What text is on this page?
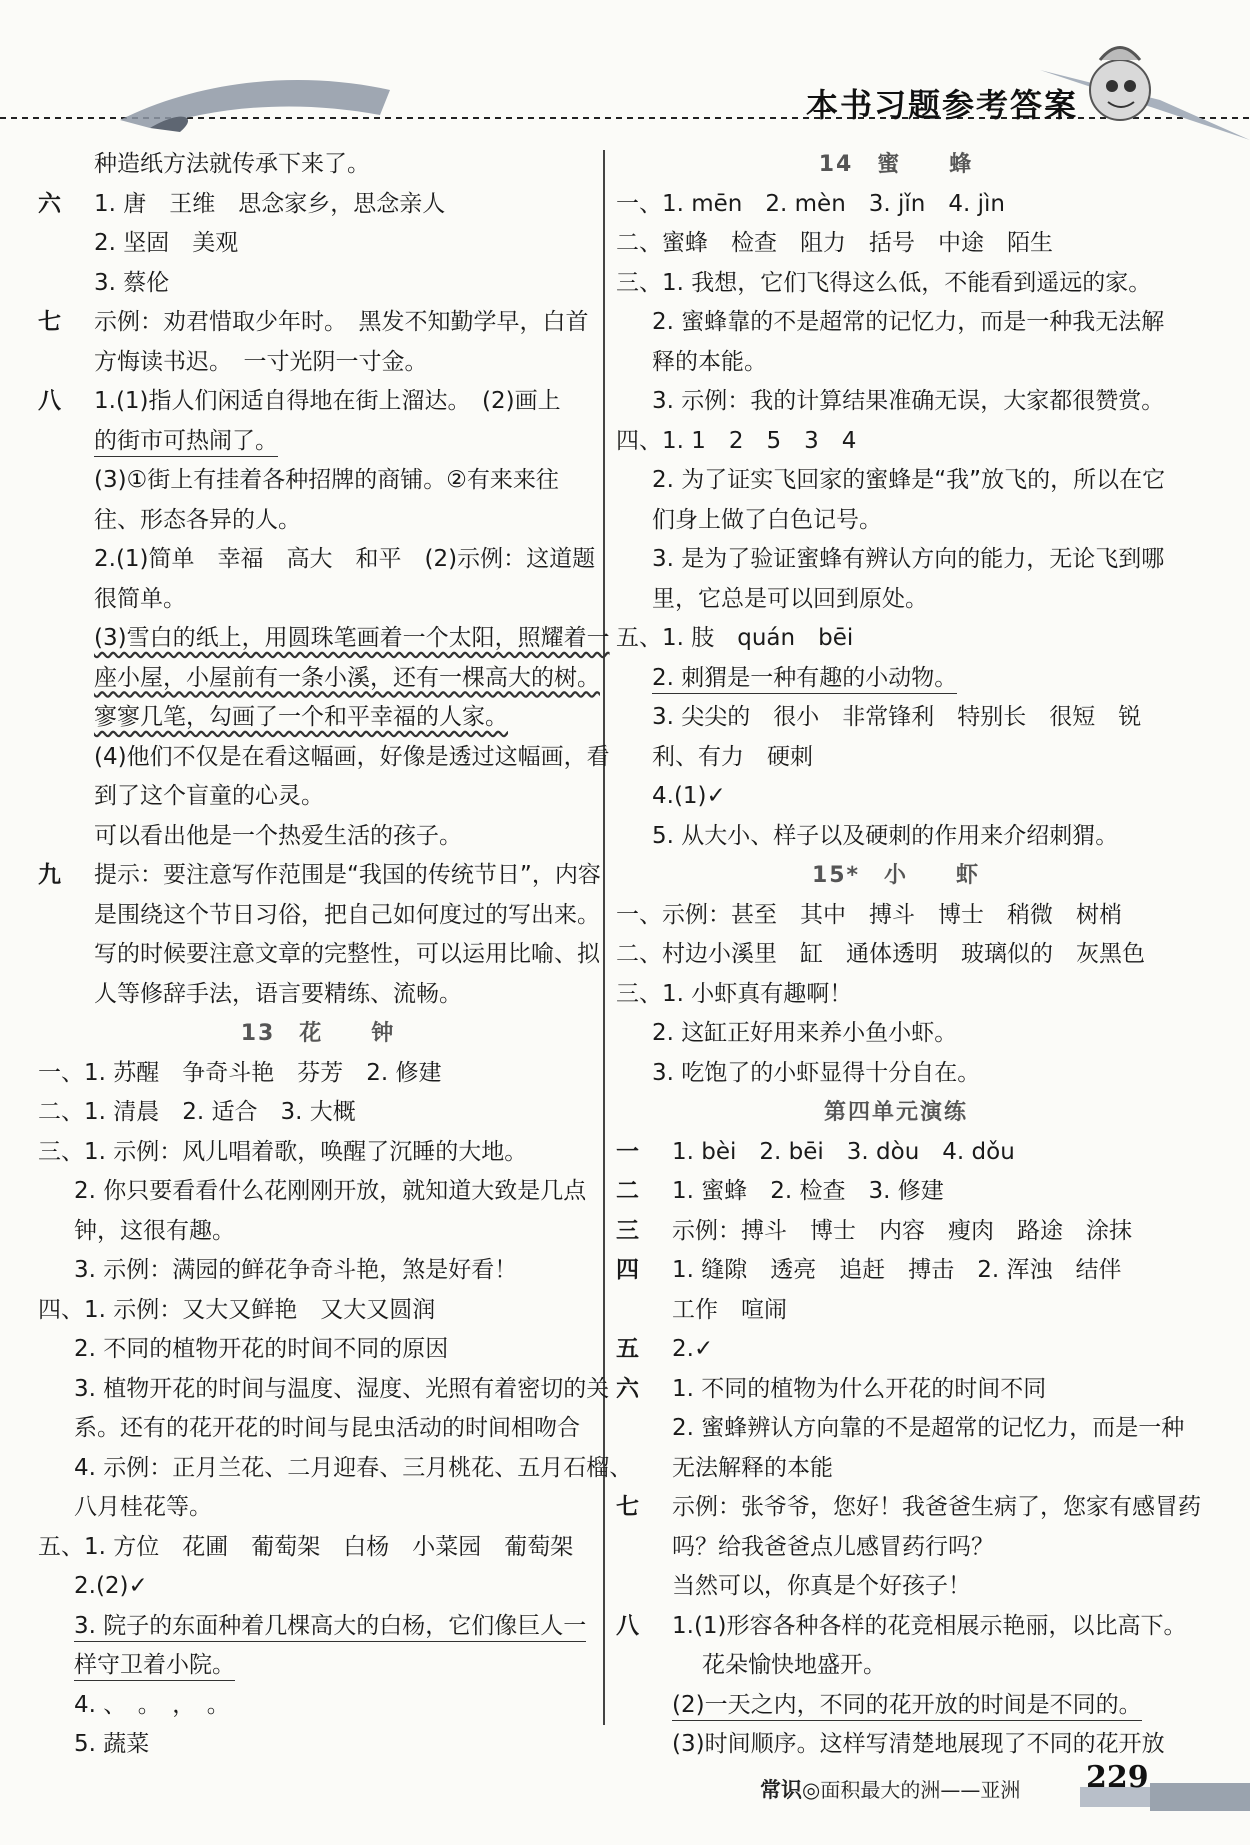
本书习题参考答案
种造纸方法就传承下来了。
六 1. 唐　王维　思念家乡，思念亲人
2. 坚固　美观
3. 蔡伦
七 示例：劝君惜取少年时。　黑发不知勤学早，白首
方悔读书迟。　一寸光阴一寸金。
八 1.(1)指人们闲适自得地在街上溜达。　(2)画上
的街市可热闹了。
(3)①街上有挂着各种招牌的商铺。②有来来往
往、形态各异的人。
2.(1)简单　幸福　高大　和平　(2)示例：这道题
很简单。
(3)雪白的纸上，用圆珠笔画着一个太阳，照耀着一
座小屋，小屋前有一条小溪，还有一棵高大的树。
寥寥几笔，勾画了一个和平幸福的人家。
(4)他们不仅是在看这幅画，好像是透过这幅画，看
到了这个盲童的心灵。
可以看出他是一个热爱生活的孩子。
九 提示：要注意写作范围是“我国的传统节日”，内容
是围绕这个节日习俗，把自己如何度过的写出来。
写的时候要注意文章的完整性，可以运用比喻、拟
人等修辞手法，语言要精练、流畅。
13　花　　钟
一、1. 苏醒　争奇斗艳　芬芳　2. 修建
二、1. 清晨　2. 适合　3. 大概
三、1. 示例：风儿唱着歌，唤醒了沉睡的大地。
2. 你只要看看什么花刚刚开放，就知道大致是几点
钟，这很有趣。
3. 示例：满园的鲜花争奇斗艳，煞是好看！
四、1. 示例：又大又鲜艳　又大又圆润
2. 不同的植物开花的时间不同的原因
3. 植物开花的时间与温度、湿度、光照有着密切的关
系。还有的花开花的时间与昆虫活动的时间相吻合
4. 示例：正月兰花、二月迎春、三月桃花、五月石榴、
八月桂花等。
五、1. 方位　花圃　葡萄架　白杨　小菜园　葡萄架
2.(2)✓
3. 院子的东面种着几棵高大的白杨，它们像巨人一
样守卫着小院。
4. 、　。　，　。
5. 蔬菜
14　蜜　　蜂
一、1. mēn　2. mèn　3. jǐn　4. jìn
二、蜜蜂　检查　阻力　括号　中途　陌生
三、1. 我想，它们飞得这么低，不能看到遥远的家。
2. 蜜蜂靠的不是超常的记忆力，而是一种我无法解
释的本能。
3. 示例：我的计算结果准确无误，大家都很赞赏。
四、1. 1　2　5　3　4
2. 为了证实飞回家的蜜蜂是“我”放飞的，所以在它
们身上做了白色记号。
3. 是为了验证蜜蜂有辨认方向的能力，无论飞到哪
里，它总是可以回到原处。
五、1. 肢　quán　bēi
2. 刺猬是一种有趣的小动物。
3. 尖尖的　很小　非常锋利　特别长　很短　锐
利、有力　硬刺
4.(1)✓
5. 从大小、样子以及硬刺的作用来介绍刺猬。
15*　小　　虾
一、示例：甚至　其中　搏斗　博士　稍微　树梢
二、村边小溪里　缸　通体透明　玻璃似的　灰黑色
三、1. 小虾真有趣啊！
2. 这缸正好用来养小鱼小虾。
3. 吃饱了的小虾显得十分自在。
第四单元演练
一 1. bèi　2. bēi　3. dòu　4. dǒu
二 1. 蜜蜂　2. 检查　3. 修建
三 示例：搏斗　博士　内容　瘦肉　路途　涂抹
四 1. 缝隙　透亮　追赶　搏击　2. 浑浊　结伴
工作　喧闹
五 2.✓
六 1. 不同的植物为什么开花的时间不同
2. 蜜蜂辨认方向靠的不是超常的记忆力，而是一种
无法解释的本能
七 示例：张爷爷，您好！我爸爸生病了，您家有感冒药
吗？给我爸爸点儿感冒药行吗？
当然可以，你真是个好孩子！
八 1.(1)形容各种各样的花竞相展示艳丽，以比高下。
花朵愉快地盛开。
(2)一天之内，不同的花开放的时间是不同的。
(3)时间顺序。这样写清楚地展现了不同的花开放
常识◎面积最大的洲——亚洲 229
